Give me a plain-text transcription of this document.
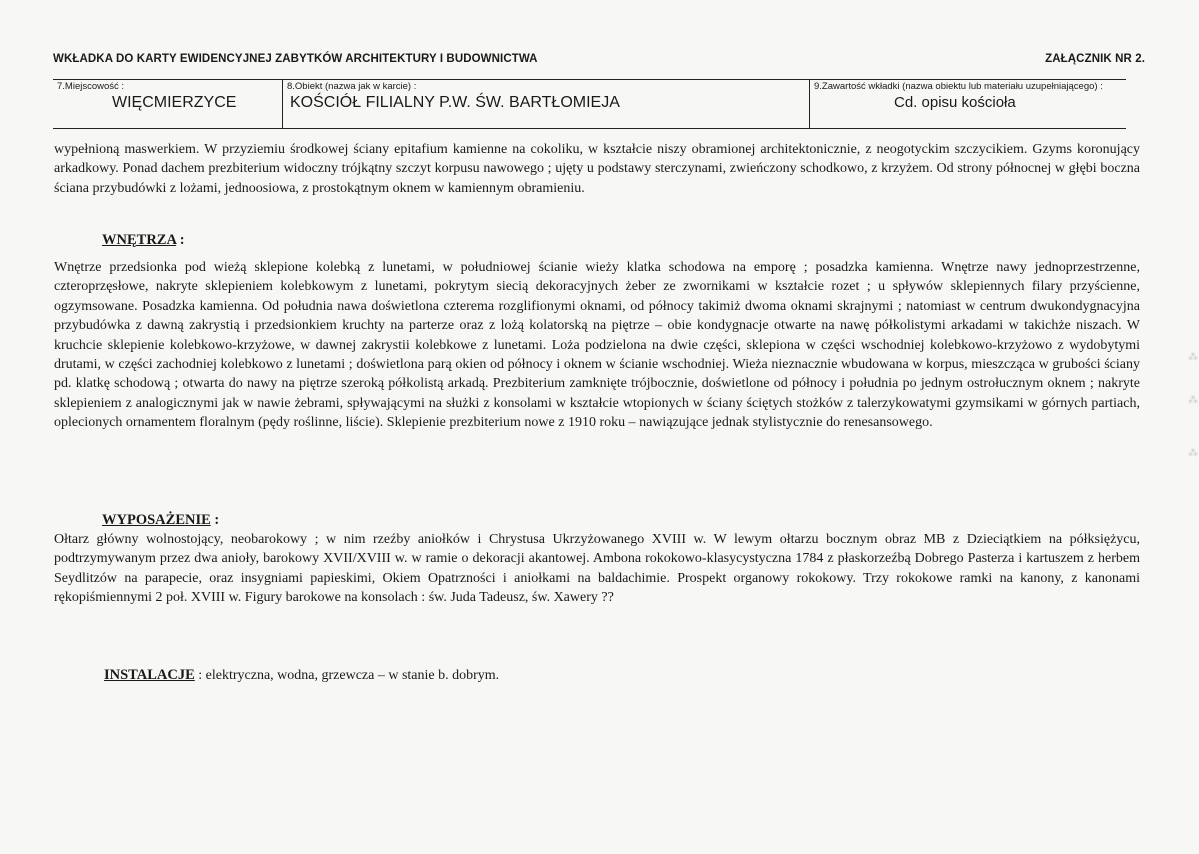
WKŁADKA DO KARTY EWIDENCYJNEJ ZABYTKÓW ARCHITEKTURY I BUDOWNICTWA	ZAŁĄCZNIK NR 2.
7.Miejscowość :
WIĘCMIERZYCE
8.Obiekt (nazwa jak w karcie) :
KOŚCIÓŁ FILIALNY P.W. ŚW. BARTŁOMIEJA
9.Zawartość wkładki (nazwa obiektu lub materiału uzupełniającego) :
Cd. opisu kościoła

wypełnioną maswerkiem. W przyziemiu środkowej ściany epitafium kamienne na cokoliku, w kształcie niszy obramionej architektonicznie, z neogotyckim szczycikiem. Gzyms koronujący arkadkowy. Ponad dachem prezbiterium widoczny trójkątny szczyt korpusu nawowego ; ujęty u podstawy sterczynami, zwieńczony schodkowo, z krzyżem. Od strony północnej w głębi boczna ściana przybudówki z lożami, jednoosiowa, z prostokątnym oknem w kamiennym obramieniu.

WNĘTRZA :

Wnętrze przedsionka pod wieżą sklepione kolebką z lunetami, w południowej ścianie wieży klatka schodowa na emporę ; posadzka kamienna. Wnętrze nawy jednoprzestrzenne, czteroprzęsłowe, nakryte sklepieniem kolebkowym z lunetami, pokrytym siecią dekoracyjnych żeber ze zwornikami w kształcie rozet ; u spływów sklepiennych filary przyścienne, ogzymsowane. Posadzka kamienna. Od południa nawa doświetlona czterema rozglifionymi oknami, od północy takimiż dwoma oknami skrajnymi ; natomiast w centrum dwukondygnacyjna przybudówka z dawną zakrystią i przedsionkiem kruchty na parterze oraz z lożą kolatorską na piętrze – obie kondygnacje otwarte na nawę półkolistymi arkadami w takichże niszach. W kruchcie sklepienie kolebkowo-krzyżowe, w dawnej zakrystii kolebkowe z lunetami. Loża podzielona na dwie części, sklepiona w części wschodniej kolebkowo-krzyżowo z wydobytymi drutami, w części zachodniej kolebkowo z lunetami ; doświetlona parą okien od północy i oknem w ścianie wschodniej. Wieża nieznacznie wbudowana w korpus, mieszcząca w grubości ściany pd. klatkę schodową ; otwarta do nawy na piętrze szeroką półkolistą arkadą. Prezbiterium zamknięte trójbocznie, doświetlone od północy i południa po jednym ostrołucznym oknem ; nakryte sklepieniem z analogicznymi jak w nawie żebrami, spływającymi na służki z konsolami w kształcie wtopionych w ściany ściętych stożków z talerzykowatymi gzymsikami w górnych partiach, oplecionych ornamentem floralnym (pędy roślinne, liście). Sklepienie prezbiterium nowe z 1910 roku – nawiązujące jednak stylistycznie do renesansowego.

WYPOSAŻENIE :

Ołtarz główny wolnostojący, neobarokowy ; w nim rzeźby aniołków i Chrystusa Ukrzyżowanego XVIII w. W lewym ołtarzu bocznym obraz MB z Dzieciątkiem na półksiężycu, podtrzymywanym przez dwa anioły, barokowy XVII/XVIII w. w ramie o dekoracji akantowej. Ambona rokokowo-klasycystyczna 1784 z płaskorzeźbą Dobrego Pasterza i kartuszem z herbem Seydlitzów na parapecie, oraz insygniami papieskimi, Okiem Opatrzności i aniołkami na baldachimie. Prospekt organowy rokokowy. Trzy rokokowe ramki na kanony, z kanonami rękopiśmiennymi 2 poł. XVIII w. Figury barokowe na konsolach : św. Juda Tadeusz, św. Xawery ??

INSTALACJE : elektryczna, wodna, grzewcza – w stanie b. dobrym.
⁂
⁂
⁂
